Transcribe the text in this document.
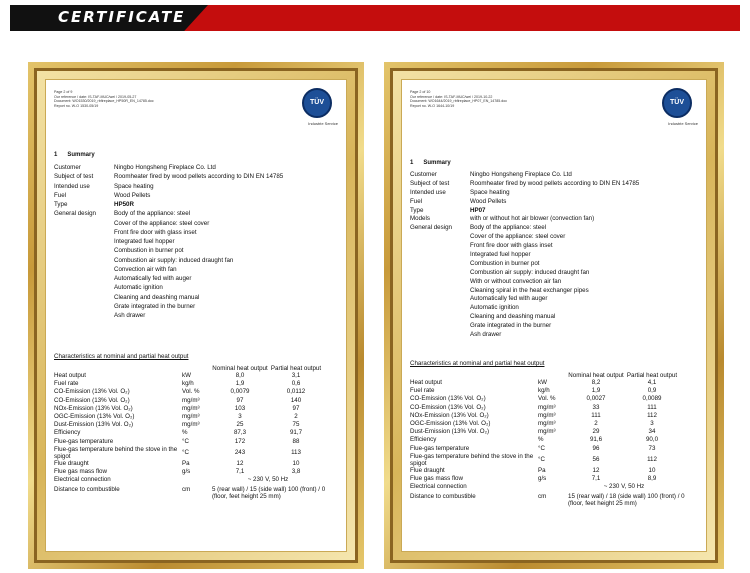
CERTIFICATE
Page 2 of 9
Our reference / date: IS-TAF-MUC/wei / 2019-05-27
Document: WO1530/2019_rbfireplace_HP50R_EN_14785.doc
Report no. W-O 1530-05/19	TÜV
Industrie Service
1 Summary
Customer	Ningbo Hongsheng Fireplace Co. Ltd
Subject of test	Roomheater fired by wood pellets according to DIN EN 14785
Intended use	Space heating
Fuel	Wood Pellets
Type	HP50R
General design	Body of the appliance: steel
Cover of the appliance: steel cover
Front fire door with glass inset
Integrated fuel hopper
Combustion in burner pot
Combustion air supply: induced draught fan
Convection air with fan
Automatically fed with auger
Automatic ignition
Cleaning and deashing manual
Grate integrated in the burner
Ash drawer
Characteristics at nominal and partial heat output
Nominal heat output Partial heat output
Heat output	kW	8,0	3,1
Fuel rate	kg/h	1,9	0,6
CO-Emission (13% Vol. O₂)	Vol. %	0,0079	0,0112
CO-Emission (13% Vol. O₂)	mg/m³	97	140
NOx-Emission (13% Vol. O₂)	mg/m³	103	97
OGC-Emission (13% Vol. O₂)	mg/m³	3	2
Dust-Emission (13% Vol. O₂)	mg/m³	25	75
Efficiency	%	87,3	91,7
Flue-gas temperature	°C	172	88
Flue-gas temperature behind the stove in the spigot	°C	243	113
Flue draught	Pa	12	10
Flue gas mass flow	g/s	7,1	3,8
Electrical connection	~ 230 V, 50 Hz
Distance to combustible	cm	5 (rear wall) / 15 (side wall) 100 (front) / 0 (floor, feet height 25 mm)
Page 2 of 10
Our reference / date: IS-TAF-MUC/wei / 2019-10-22
Document: WO1644/2019_rbfireplace_HP07_EN_14785.doc
Report no. W-O 1644-10/19	TÜV
Industrie Service
1 Summary
Customer	Ningbo Hongsheng Fireplace Co. Ltd
Subject of test	Roomheater fired by wood pellets according to DIN EN 14785
Intended use	Space heating
Fuel	Wood Pellets
Type	HP07
Models	with or without hot air blower (convection fan)
General design	Body of the appliance: steel
Cover of the appliance: steel cover
Front fire door with glass inset
Integrated fuel hopper
Combustion in burner pot
Combustion air supply: induced draught fan
With or without convection air fan
Cleaning spiral in the heat exchanger pipes
Automatically fed with auger
Automatic ignition
Cleaning and deashing manual
Grate integrated in the burner
Ash drawer
Characteristics at nominal and partial heat output
Nominal heat output Partial heat output
Heat output	kW	8,2	4,1
Fuel rate	kg/h	1,9	0,9
CO-Emission (13% Vol. O₂)	Vol. %	0,0027	0,0089
CO-Emission (13% Vol. O₂)	mg/m³	33	111
NOx-Emission (13% Vol. O₂)	mg/m³	111	112
OGC-Emission (13% Vol. O₂)	mg/m³	2	3
Dust-Emission (13% Vol. O₂)	mg/m³	29	34
Efficiency	%	91,6	90,0
Flue-gas temperature	°C	96	73
Flue-gas temperature behind the stove in the spigot	°C	56	112
Flue draught	Pa	12	10
Flue gas mass flow	g/s	7,1	8,9
Electrical connection	~ 230 V, 50 Hz
Distance to combustible	cm	15 (rear wall) / 18 (side wall) 100 (front) / 0 (floor, feet height 25 mm)
